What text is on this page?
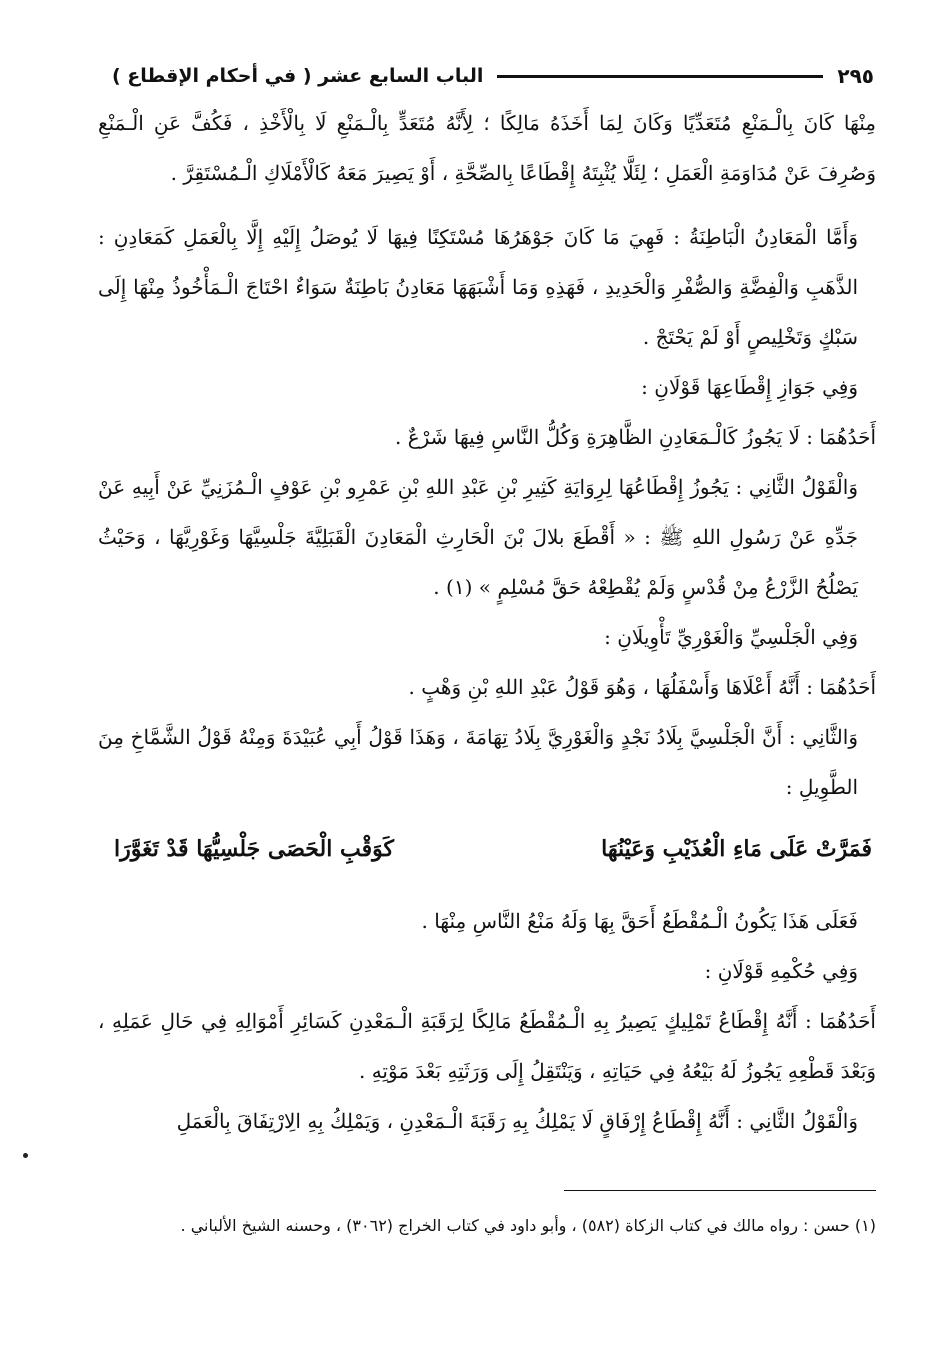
الباب السابع عشر ( في أحكام الإقطاع )	٢٩٥

مِنْهَا كَانَ بِالْـمَنْعِ مُتَعَدِّيًا وَكَانَ لِمَا أَخَذَهُ مَالِكًا ؛ لِأَنَّهُ مُتَعَدٍّ بِالْـمَنْعِ لَا بِالْأَخْذِ ، فَكُفَّ عَنِ الْـمَنْعِ وَصُرِفَ عَنْ مُدَاوَمَةِ الْعَمَلِ ؛ لِئَلَّا يُثْبِتَهُ إِقْطَاعًا بِالصِّحَّةِ ، أَوْ يَصِيرَ مَعَهُ كَالْأَمْلَاكِ الْـمُسْتَقِرَّ .

وَأَمَّا الْمَعَادِنُ الْبَاطِنَةُ : فَهِيَ مَا كَانَ جَوْهَرُهَا مُسْتَكِنًا فِيهَا لَا يُوصَلُ إِلَيْهِ إِلَّا بِالْعَمَلِ كَمَعَادِنِ : الذَّهَبِ وَالْفِضَّةِ وَالصُّفْرِ وَالْحَدِيدِ ، فَهَذِهِ وَمَا أَشْبَهَهَا مَعَادِنُ بَاطِنَةٌ سَوَاءٌ احْتَاجَ الْـمَأْخُوذُ مِنْهَا إِلَى سَبْكٍ وَتَخْلِيصٍ أَوْ لَمْ يَحْتَجْ .

وَفِي جَوَازِ إِقْطَاعِهَا قَوْلَانِ :

أَحَدُهُمَا : لَا يَجُوزُ كَالْـمَعَادِنِ الظَّاهِرَةِ وَكُلُّ النَّاسِ فِيهَا شَرْعٌ .

وَالْقَوْلُ الثَّانِي : يَجُوزُ إِقْطَاعُهَا لِرِوَايَةِ كَثِيرِ بْنِ عَبْدِ اللهِ بْنِ عَمْرِو بْنِ عَوْفٍ الْـمُزَنِيِّ عَنْ أَبِيهِ عَنْ جَدِّهِ عَنْ رَسُولِ اللهِ ﷺ : « أَقْطَعَ بلالَ بْنَ الْحَارِثِ الْمَعَادِنَ الْقَبَلِيَّةَ جَلْسِيَّهَا وَغَوْرِيَّهَا ، وَحَيْثُ يَصْلُحُ الزَّرْعُ مِنْ قُدْسٍ وَلَمْ يُقْطِعْهُ حَقَّ مُسْلِمٍ » (١) .

وَفِي الْجَلْسِيِّ وَالْغَوْرِيِّ تَأْوِيلَانِ :

أَحَدُهُمَا : أَنَّهُ أَعْلَاهَا وَأَسْفَلُهَا ، وَهُوَ قَوْلُ عَبْدِ اللهِ بْنِ وَهْبٍ .

وَالثَّانِي : أَنَّ الْجَلْسِيَّ بِلَادُ نَجْدٍ وَالْغَوْرِيَّ بِلَادُ تِهَامَةَ ، وَهَذَا قَوْلُ أَبِي عُبَيْدَةَ وَمِنْهُ قَوْلُ الشَّمَّاخِ مِنَ الطَّوِيلِ :

فَمَرَّتْ عَلَى مَاءِ الْعُذَيْبِ وَعَيْنُهَا
كَوَقْبِ الْحَصَى جَلْسِيُّهَا قَدْ تَغَوَّرَا

فَعَلَى هَذَا يَكُونُ الْـمُقْطَعُ أَحَقَّ بِهَا وَلَهُ مَنْعُ النَّاسِ مِنْهَا .

وَفِي حُكْمِهِ قَوْلَانِ :

أَحَدُهُمَا : أَنَّهُ إِقْطَاعُ تَمْلِيكٍ يَصِيرُ بِهِ الْـمُقْطَعُ مَالِكًا لِرَقَبَةِ الْـمَعْدِنِ كَسَائِرِ أَمْوَالِهِ فِي حَالِ عَمَلِهِ ، وَبَعْدَ قَطْعِهِ يَجُوزُ لَهُ بَيْعُهُ فِي حَيَاتِهِ ، وَيَنْتَقِلُ إِلَى وَرَثَتِهِ بَعْدَ مَوْتِهِ .

وَالْقَوْلُ الثَّانِي : أَنَّهُ إِقْطَاعُ إِرْفَاقٍ لَا يَمْلِكُ بِهِ رَقَبَةَ الْـمَعْدِنِ ، وَيَمْلِكُ بِهِ الِارْتِفَاقَ بِالْعَمَلِ

(١) حسن : رواه مالك في كتاب الزكاة (٥٨٢) ، وأبو داود في كتاب الخراج (٣٠٦٢) ، وحسنه الشيخ الألباني .
